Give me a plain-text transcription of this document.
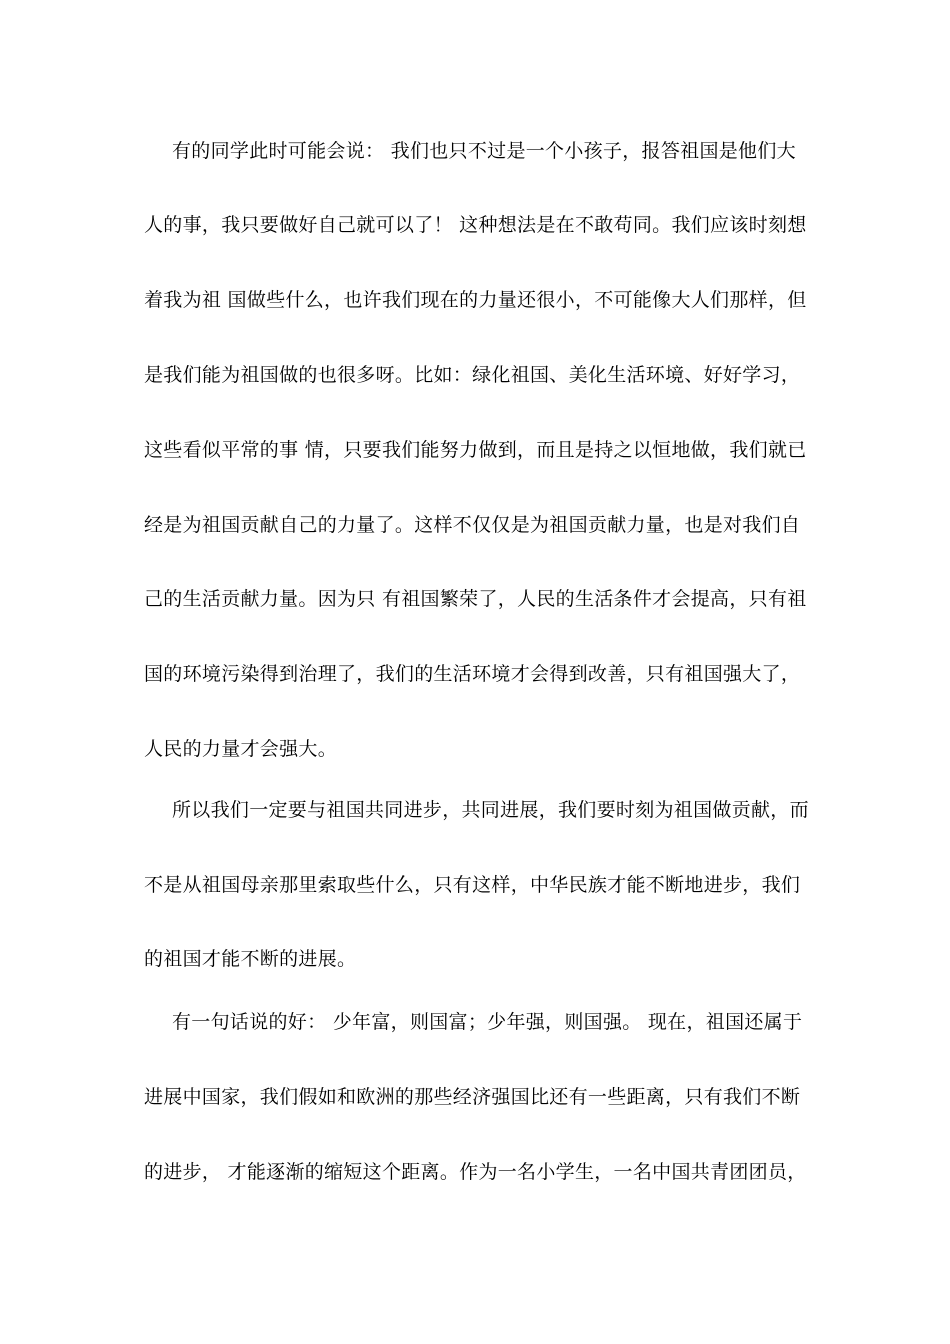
有的同学此时可能会说： 我们也只不过是一个小孩子，报答祖国是他们大
人的事，我只要做好自己就可以了！ 这种想法是在不敢苟同。我们应该时刻想
着我为祖 国做些什么，也许我们现在的力量还很小，不可能像大人们那样，但
是我们能为祖国做的也很多呀。比如：绿化祖国、美化生活环境、好好学习，
这些看似平常的事 情，只要我们能努力做到，而且是持之以恒地做，我们就已
经是为祖国贡献自己的力量了。这样不仅仅是为祖国贡献力量，也是对我们自
己的生活贡献力量。因为只 有祖国繁荣了，人民的生活条件才会提高，只有祖
国的环境污染得到治理了，我们的生活环境才会得到改善，只有祖国强大了，
人民的力量才会强大。
所以我们一定要与祖国共同进步，共同进展，我们要时刻为祖国做贡献，而
不是从祖国母亲那里索取些什么，只有这样，中华民族才能不断地进步，我们
的祖国才能不断的进展。
有一句话说的好： 少年富，则国富；少年强，则国强。 现在，祖国还属于
进展中国家，我们假如和欧洲的那些经济强国比还有一些距离，只有我们不断
的进步， 才能逐渐的缩短这个距离。作为一名小学生，一名中国共青团团员，
